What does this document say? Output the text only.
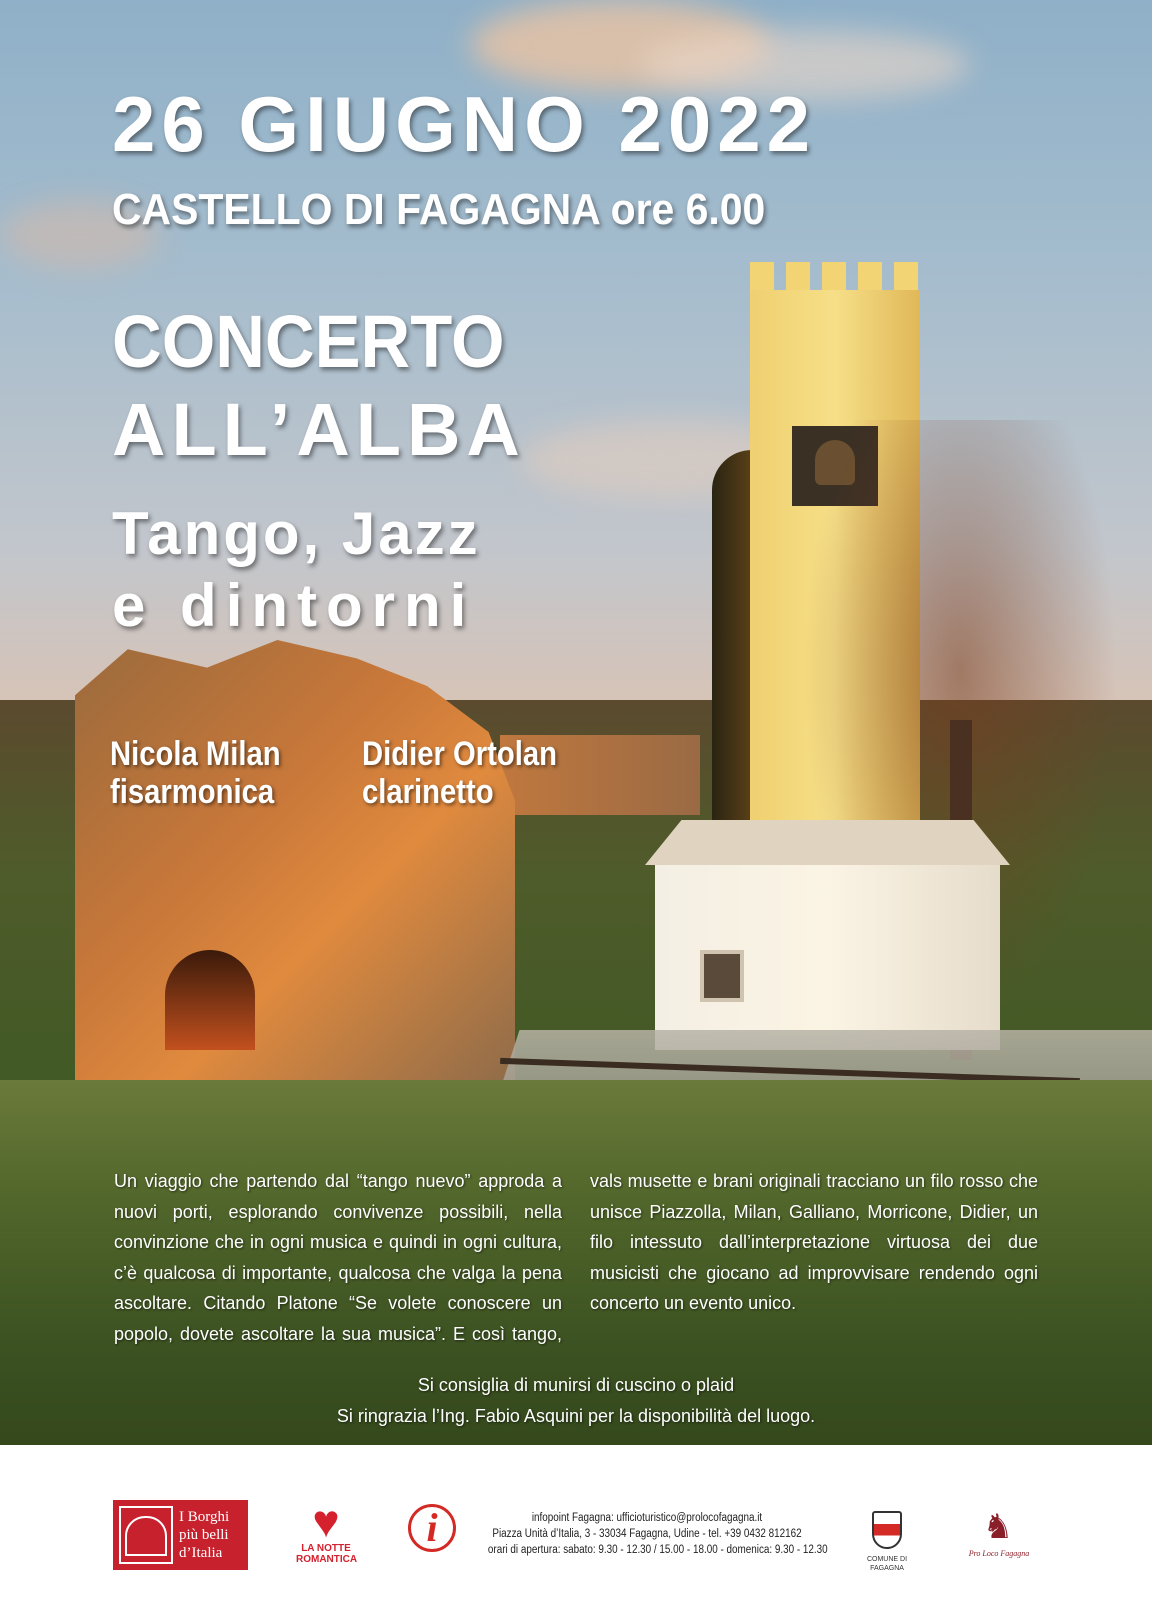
26 GIUGNO 2022
CASTELLO DI FAGAGNA ore 6.00
CONCERTO
ALL’ALBA
Tango, Jazz
e dintorni
Nicola Milan
fisarmonica
Didier Ortolan
clarinetto

Un viaggio che partendo dal “tango nuevo” approda a nuovi porti, esplorando convivenze possibili, nella convinzione che in ogni musica e quindi in ogni cultura, c’è qualcosa di importante, qualcosa che valga la pena ascoltare. Citando Platone “Se volete conoscere un popolo, dovete ascoltare la sua musica”. E così tango, vals musette e brani originali tracciano un filo rosso che unisce Piazzolla, Milan, Galliano, Morricone, Didier, un filo intessuto dall’interpretazione virtuosa dei due musicisti che giocano ad improvvisare rendendo ogni concerto un evento unico.

Si consiglia di munirsi di cuscino o plaid

Si ringrazia l’Ing. Fabio Asquini per la disponibilità del luogo.

I Borghi
più belli
d’Italia
♥
LA NOTTE
ROMANTICA
i	infopoint Fagagna: ufficioturistico@prolocofagagna.it
Piazza Unità d’Italia, 3 - 33034 Fagagna, Udine - tel. +39 0432 812162
orari di apertura: sabato: 9.30 - 12.30 / 15.00 - 18.00 - domenica: 9.30 - 12.30
COMUNE DI FAGAGNA
♞
Pro Loco Fagagna
